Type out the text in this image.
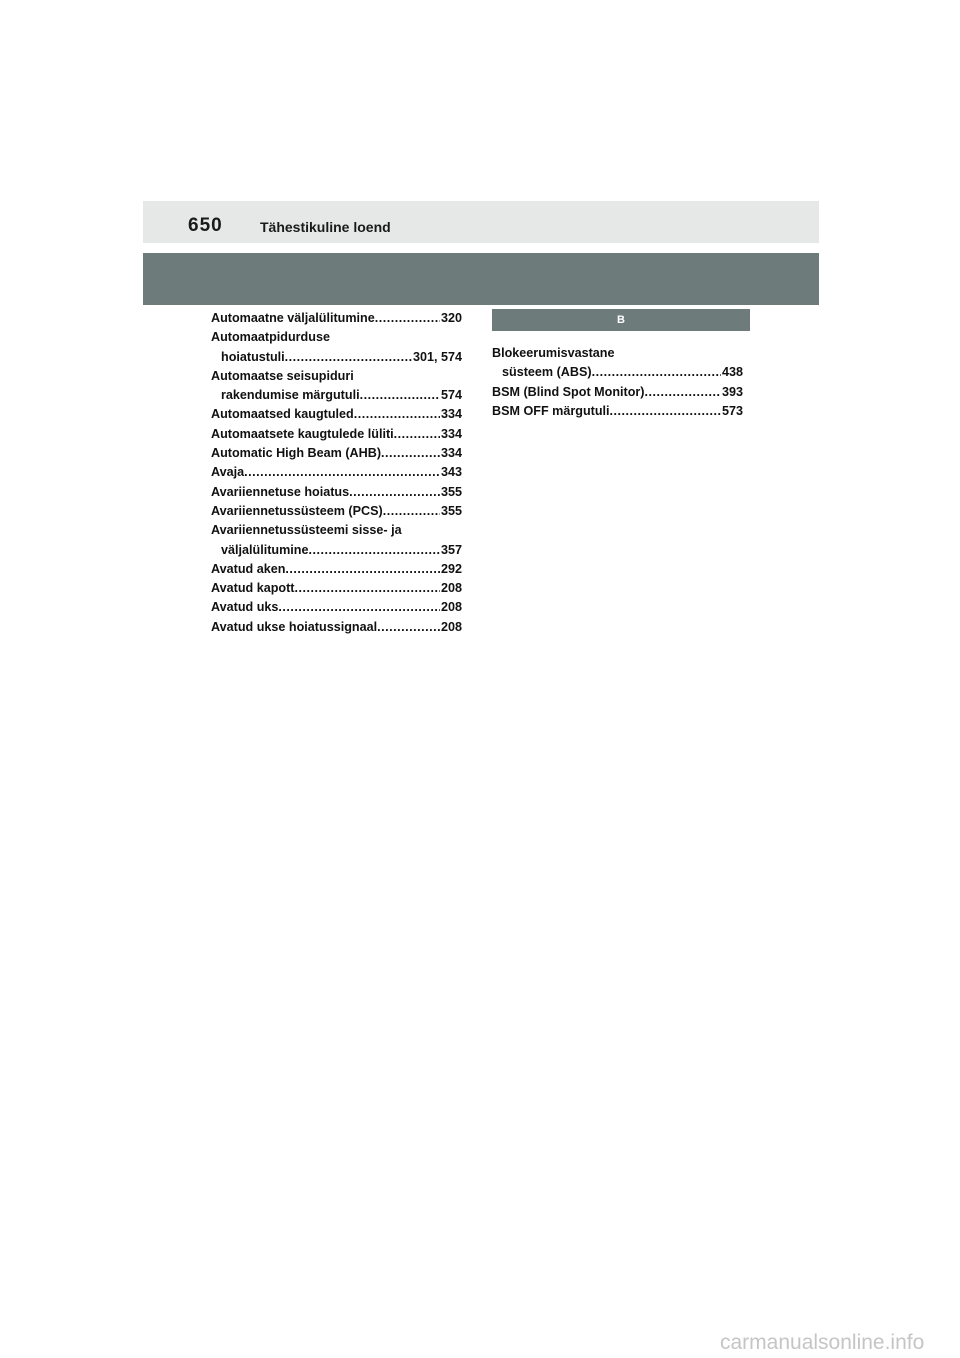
650	Tähestikuline loend
Automaatne väljalülitumine .....	320
Automaatpidurduse
hoiatustuli .....	301, 574
Automaatse seisupiduri
rakendumise märgutuli .....	574
Automaatsed kaugtuled .....	334
Automaatsete kaugtulede lüliti .....	334
Automatic High Beam (AHB) .....	334
Avaja .....	343
Avariiennetuse hoiatus .....	355
Avariiennetussüsteem (PCS) .....	355
Avariiennetussüsteemi sisse- ja
väljalülitumine .....	357
Avatud aken .....	292
Avatud kapott .....	208
Avatud uks .....	208
Avatud ukse hoiatussignaal .....	208
B
Blokeerumisvastane
süsteem (ABS) .....	438
BSM (Blind Spot Monitor) .....	393
BSM OFF märgutuli .....	573
carmanualsonline.info
